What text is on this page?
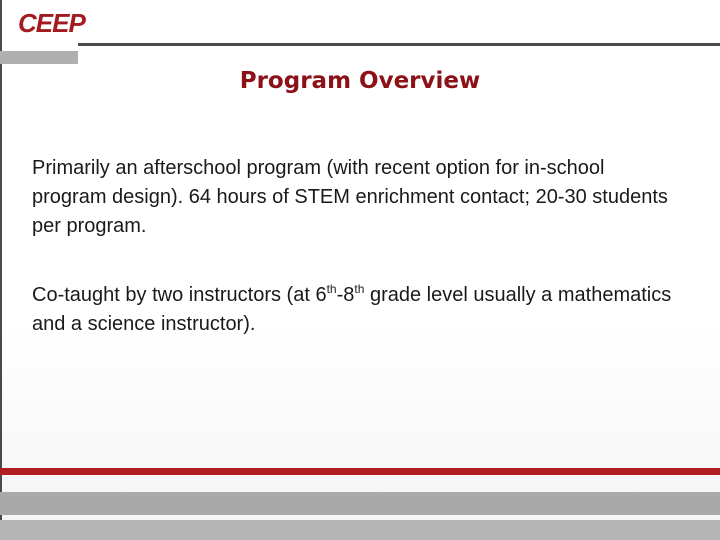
CEEP
Program Overview
Primarily an afterschool program (with recent option for in-school program design). 64 hours of STEM enrichment contact; 20-30 students per program.
Co-taught by two instructors (at 6th-8th grade level usually a mathematics and a science instructor).
